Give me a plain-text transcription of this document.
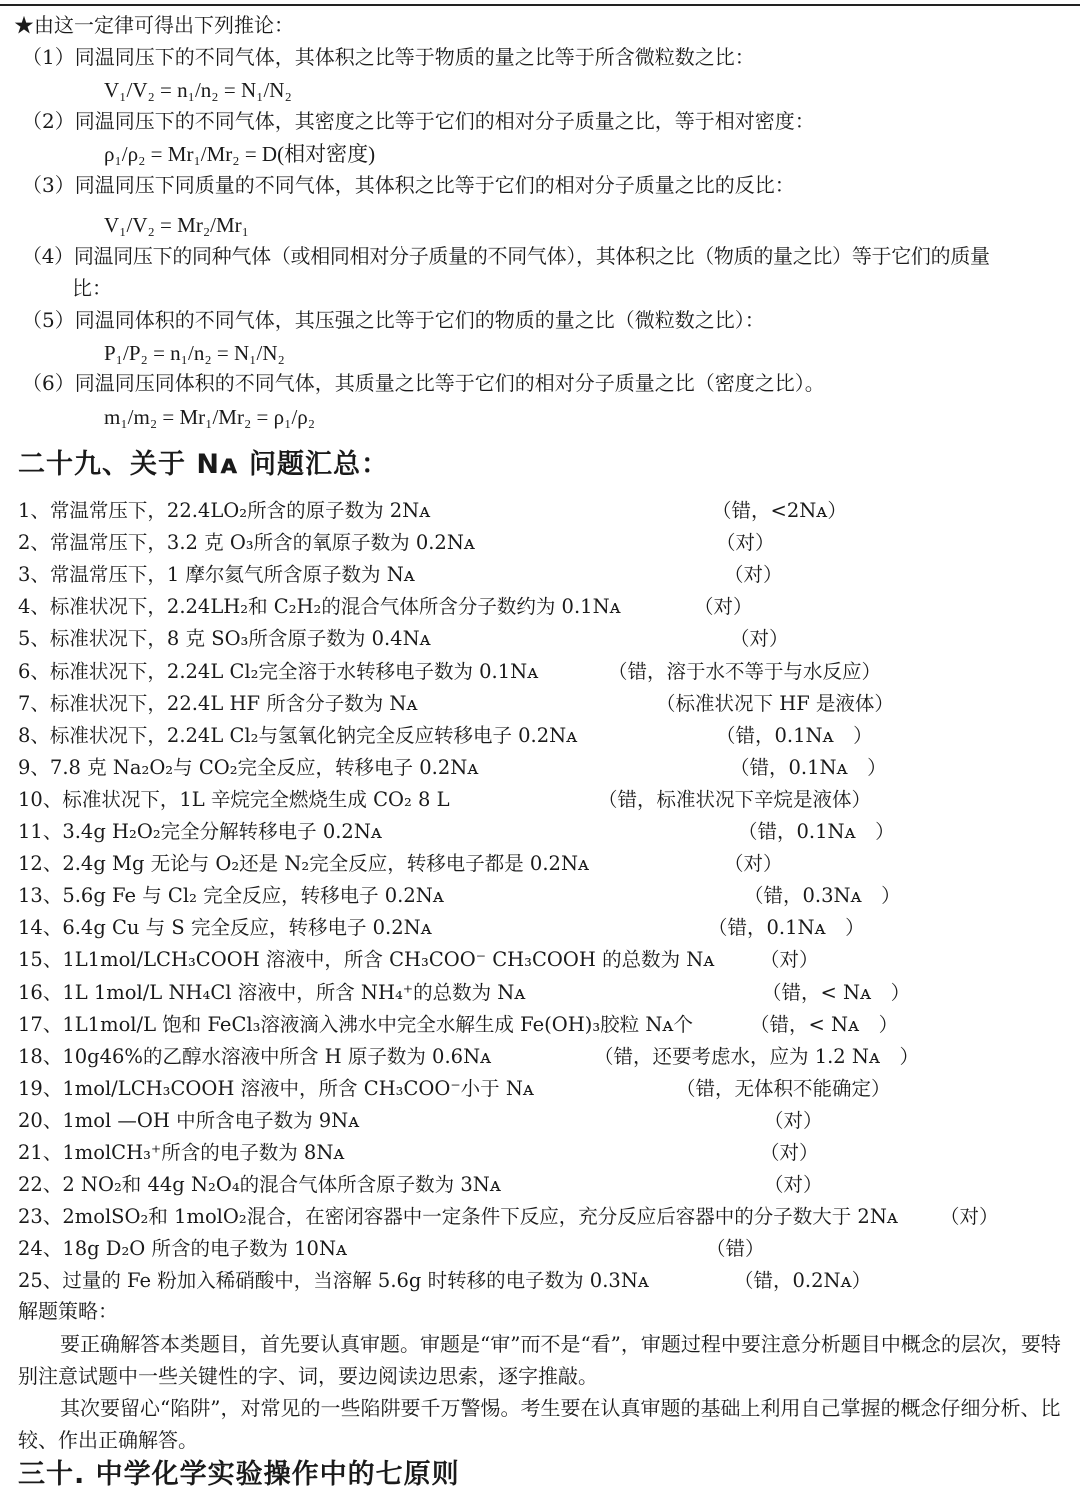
★由这一定律可得出下列推论：
（1）同温同压下的不同气体，其体积之比等于物质的量之比等于所含微粒数之比：
V₁/V₂ = n₁/n₂ = N₁/N₂
（2）同温同压下的不同气体，其密度之比等于它们的相对分子质量之比，等于相对密度：
ρ₁/ρ₂ = Mr₁/Mr₂ = D(相对密度)
（3）同温同压下同质量的不同气体，其体积之比等于它们的相对分子质量之比的反比：
V₁/V₂ = Mr₂/Mr₁
（4）同温同压下的同种气体（或相同相对分子质量的不同气体），其体积之比（物质的量之比）等于它们的质量
比：
（5）同温同体积的不同气体，其压强之比等于它们的物质的量之比（微粒数之比）：
P₁/P₂ = n₁/n₂ = N₁/N₂
（6）同温同压同体积的不同气体，其质量之比等于它们的相对分子质量之比（密度之比）。
m₁/m₂ = Mr₁/Mr₂ = ρ₁/ρ₂
二十九、关于 Nᴀ 问题汇总：
1、常温常压下，22.4LO₂所含的原子数为 2Nᴀ	（错，<2Nᴀ）
2、常温常压下，3.2 克 O₃所含的氧原子数为 0.2Nᴀ	（对）
3、常温常压下，1 摩尔氦气所含原子数为 Nᴀ	（对）
4、标准状况下，2.24LH₂和 C₂H₂的混合气体所含分子数约为 0.1Nᴀ	（对）
5、标准状况下，8 克 SO₃所含原子数为 0.4Nᴀ	（对）
6、标准状况下，2.24L Cl₂完全溶于水转移电子数为 0.1Nᴀ	（错，溶于水不等于与水反应）
7、标准状况下，22.4L HF 所含分子数为 Nᴀ	（标准状况下 HF 是液体）
8、标准状况下，2.24L Cl₂与氢氧化钠完全反应转移电子 0.2Nᴀ	（错，0.1Nᴀ　）
9、7.8 克 Na₂O₂与 CO₂完全反应，转移电子 0.2Nᴀ	（错，0.1Nᴀ　）
10、标准状况下，1L 辛烷完全燃烧生成 CO₂ 8 L	（错，标准状况下辛烷是液体）
11、3.4g H₂O₂完全分解转移电子 0.2Nᴀ	（错，0.1Nᴀ　）
12、2.4g Mg 无论与 O₂还是 N₂完全反应，转移电子都是 0.2Nᴀ	（对）
13、5.6g Fe 与 Cl₂ 完全反应，转移电子 0.2Nᴀ	（错，0.3Nᴀ　）
14、6.4g Cu 与 S 完全反应，转移电子 0.2Nᴀ	（错，0.1Nᴀ　）
15、1L1mol/LCH₃COOH 溶液中，所含 CH₃COO⁻ CH₃COOH 的总数为 Nᴀ （对）
16、1L 1mol/L NH₄Cl 溶液中，所含 NH₄⁺的总数为 Nᴀ	（错，< Nᴀ　）
17、1L1mol/L 饱和 FeCl₃溶液滴入沸水中完全水解生成 Fe(OH)₃胶粒 Nᴀ个	（错，< Nᴀ　）
18、10g46%的乙醇水溶液中所含 H 原子数为 0.6Nᴀ	（错，还要考虑水，应为 1.2 Nᴀ　）
19、1mol/LCH₃COOH 溶液中，所含 CH₃COO⁻小于 Nᴀ	（错，无体积不能确定）
20、1mol —OH 中所含电子数为 9Nᴀ	（对）
21、1molCH₃⁺所含的电子数为 8Nᴀ	（对）
22、2 NO₂和 44g N₂O₄的混合气体所含原子数为 3Nᴀ	（对）
23、2molSO₂和 1molO₂混合，在密闭容器中一定条件下反应，充分反应后容器中的分子数大于 2Nᴀ （对）
24、18g D₂O 所含的电子数为 10Nᴀ	（错）
25、过量的 Fe 粉加入稀硝酸中，当溶解 5.6g 时转移的电子数为 0.3Nᴀ	（错，0.2Nᴀ）
解题策略：

要正确解答本类题目，首先要认真审题。审题是“审”而不是“看”，审题过程中要注意分析题目中概念的层次，要特别注意试题中一些关键性的字、词，要边阅读边思索，逐字推敲。

其次要留心“陷阱”，对常见的一些陷阱要千万警惕。考生要在认真审题的基础上利用自己掌握的概念仔细分析、比较、作出正确解答。

三十. 中学化学实验操作中的七原则
